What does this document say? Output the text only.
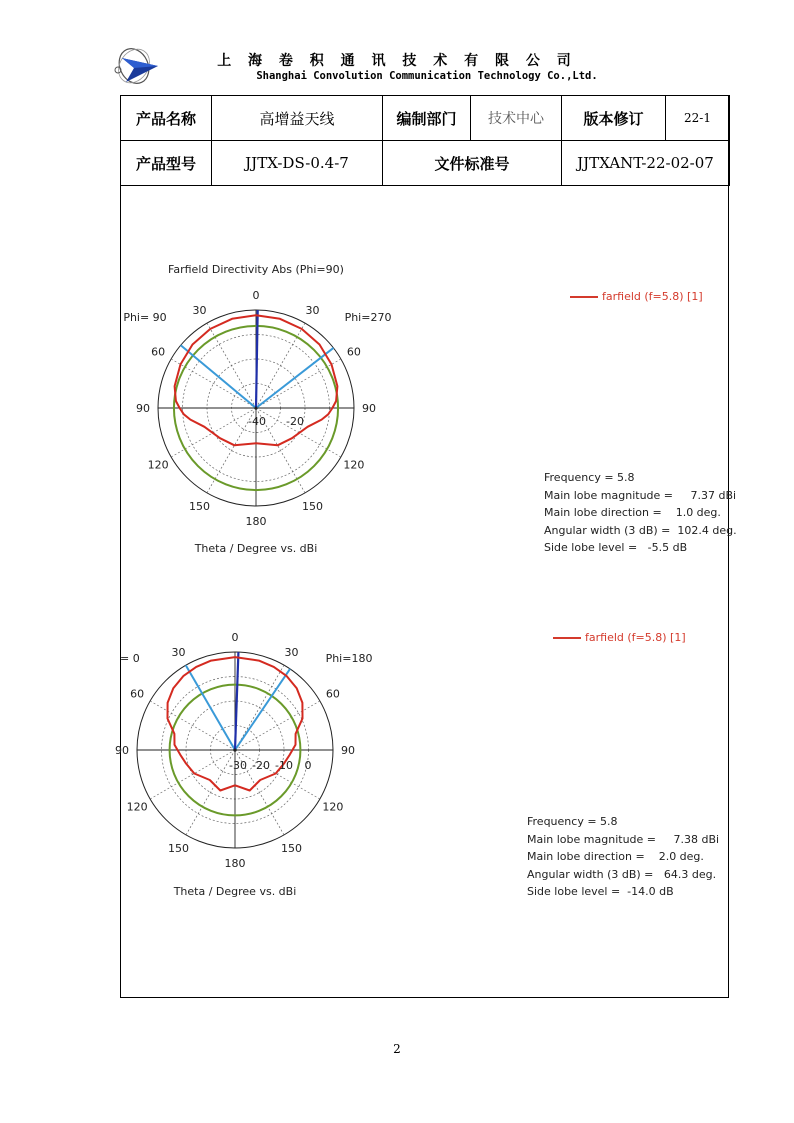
上 海 卷 积 通 讯 技 术 有 限 公 司
Shanghai Convolution Communication Technology Co.,Ltd.
产品名称	高增益天线	编制部门	技术中心	版本修订	22-1
产品型号	JJTX-DS-0.4-7	文件标准号		JJTXANT-22-02-07	
Farfield Directivity Abs (Phi=90)
0
30	30
60	60
90	90
120	120
150	150
180
Phi= 90	Phi=270
-40 -20
Theta / Degree vs. dBi
farfield (f=5.8) [1]
Frequency = 5.8
Main lobe magnitude =     7.37 dBi
Main lobe direction =    1.0 deg.
Angular width (3 dB) =  102.4 deg.
Side lobe level =   -5.5 dB
0
30	30
60	60
90	90
120	120
150	150
180
= 0	Phi=180
-30 -20 -10 0
Theta / Degree vs. dBi
farfield (f=5.8) [1]
Frequency = 5.8
Main lobe magnitude =     7.38 dBi
Main lobe direction =    2.0 deg.
Angular width (3 dB) =   64.3 deg.
Side lobe level =  -14.0 dB
2
